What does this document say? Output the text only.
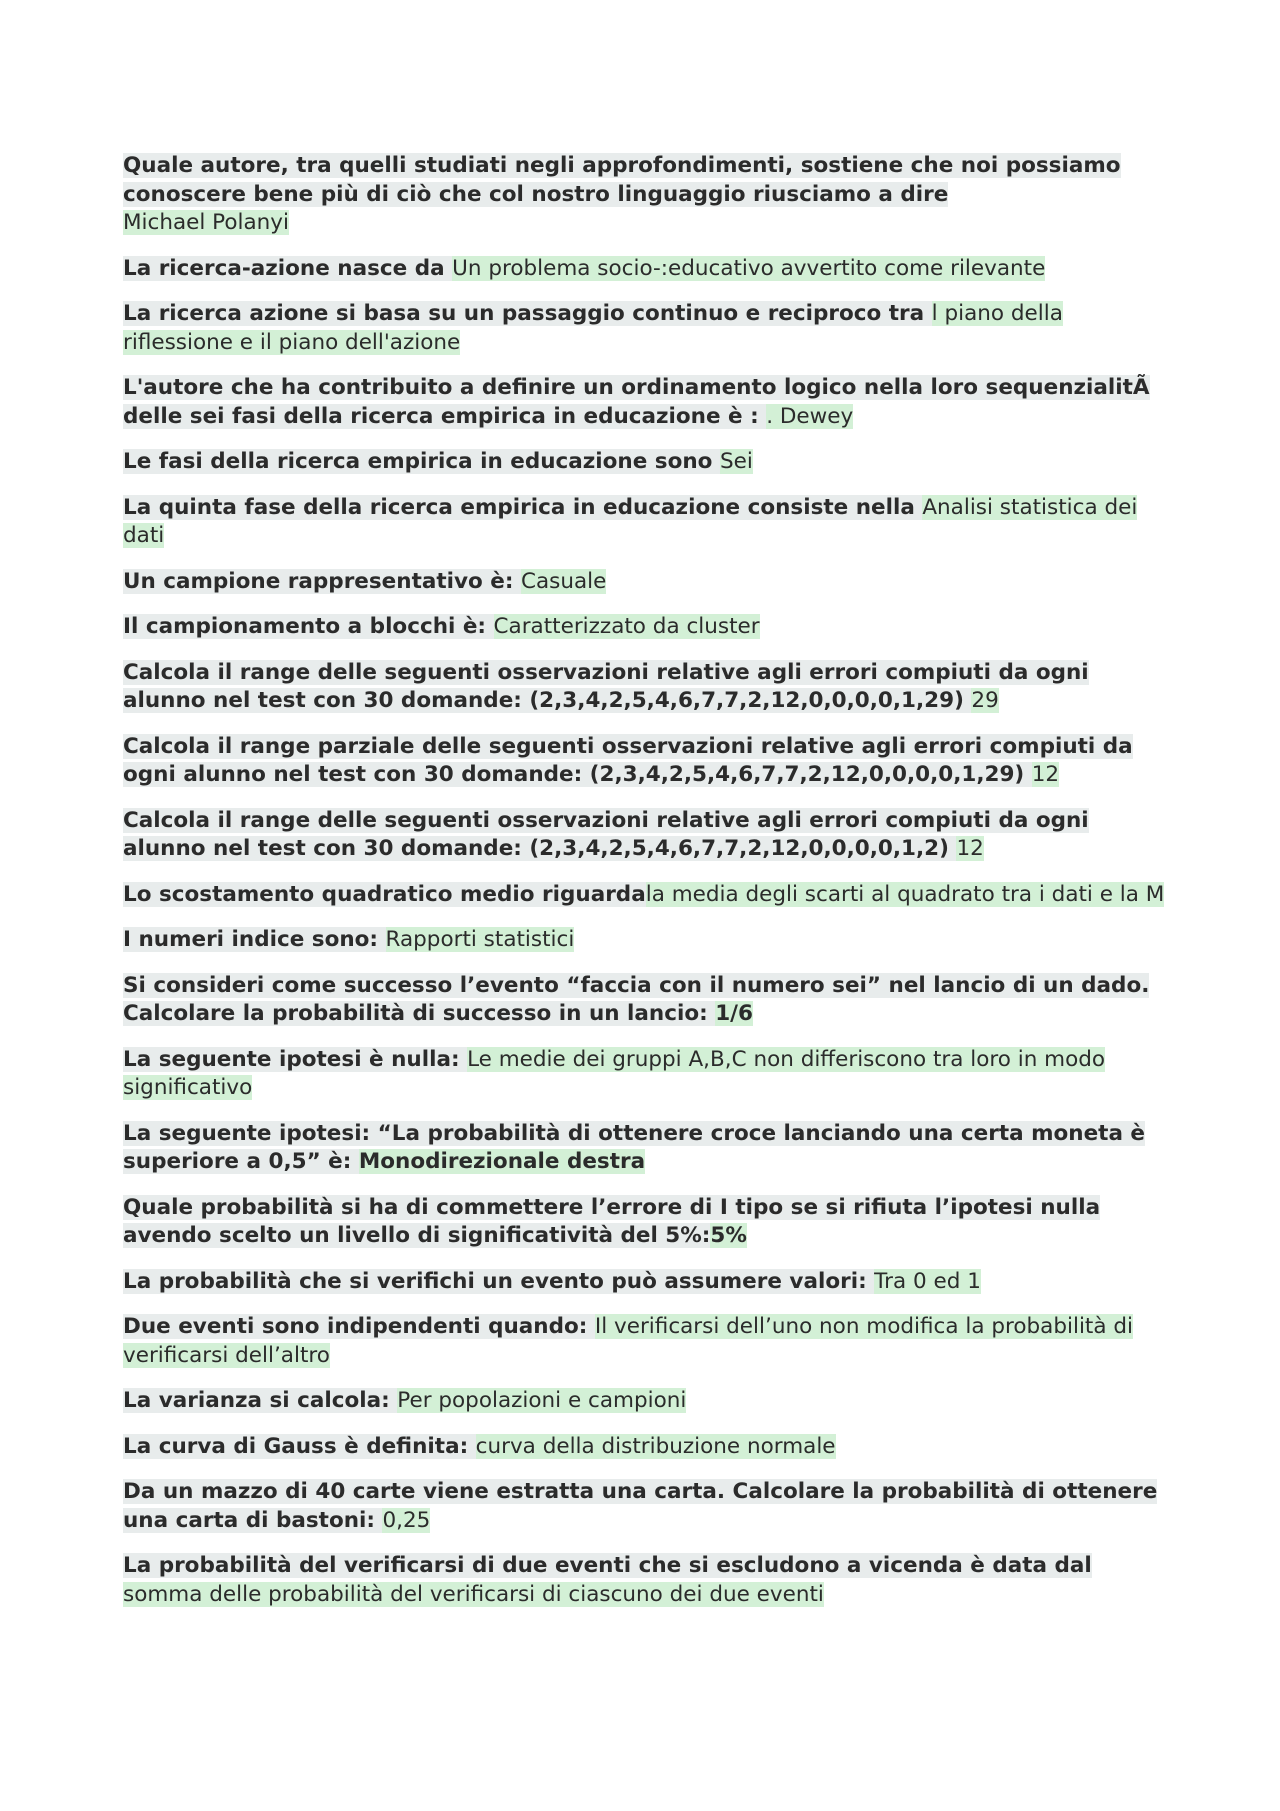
Quale autore, tra quelli studiati negli approfondimenti, sostiene che noi possiamo conoscere bene più di ciò che col nostro linguaggio riusciamo a dire
Michael Polanyi

La ricerca-azione nasce da Un problema socio-:educativo avvertito come rilevante

La ricerca azione si basa su un passaggio continuo e reciproco tra l piano della riflessione e il piano dell'azione

L'autore che ha contribuito a definire un ordinamento logico nella loro sequenzialitÃ delle sei fasi della ricerca empirica in educazione è : . Dewey

Le fasi della ricerca empirica in educazione sono Sei

La quinta fase della ricerca empirica in educazione consiste nella Analisi statistica dei dati

Un campione rappresentativo è: Casuale

Il campionamento a blocchi è: Caratterizzato da cluster

Calcola il range delle seguenti osservazioni relative agli errori compiuti da ogni alunno nel test con 30 domande: (2,3,4,2,5,4,6,7,7,2,12,0,0,0,0,1,29) 29

Calcola il range parziale delle seguenti osservazioni relative agli errori compiuti da ogni alunno nel test con 30 domande: (2,3,4,2,5,4,6,7,7,2,12,0,0,0,0,1,29) 12

Calcola il range delle seguenti osservazioni relative agli errori compiuti da ogni alunno nel test con 30 domande: (2,3,4,2,5,4,6,7,7,2,12,0,0,0,0,1,2) 12

Lo scostamento quadratico medio riguardala media degli scarti al quadrato tra i dati e la M

I numeri indice sono: Rapporti statistici

Si consideri come successo l’evento “faccia con il numero sei” nel lancio di un dado. Calcolare la probabilità di successo in un lancio: 1/6

La seguente ipotesi è nulla: Le medie dei gruppi A,B,C non differiscono tra loro in modo significativo

La seguente ipotesi: “La probabilità di ottenere croce lanciando una certa moneta è superiore a 0,5” è: Monodirezionale destra

Quale probabilità si ha di commettere l’errore di I tipo se si rifiuta l’ipotesi nulla avendo scelto un livello di significatività del 5%:5%

La probabilità che si verifichi un evento può assumere valori: Tra 0 ed 1

Due eventi sono indipendenti quando: Il verificarsi dell’uno non modifica la probabilità di verificarsi dell’altro

La varianza si calcola: Per popolazioni e campioni

La curva di Gauss è definita: curva della distribuzione normale

Da un mazzo di 40 carte viene estratta una carta. Calcolare la probabilità di ottenere una carta di bastoni: 0,25

La probabilità del verificarsi di due eventi che si escludono a vicenda è data dal
somma delle probabilità del verificarsi di ciascuno dei due eventi
